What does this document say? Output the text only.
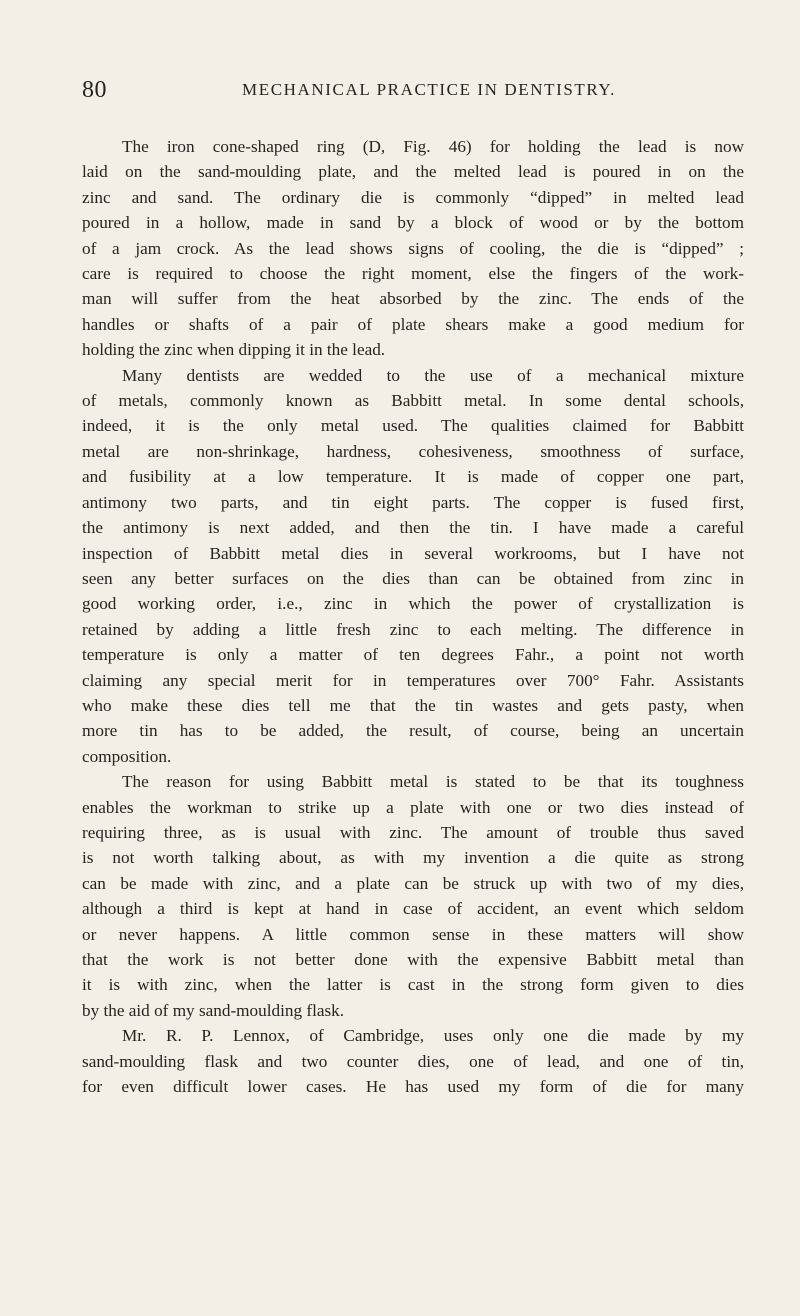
80	MECHANICAL PRACTICE IN DENTISTRY.
The iron cone-shaped ring (D, Fig. 46) for holding the lead is now
laid on the sand-moulding plate, and the melted lead is poured in on the
zinc and sand. The ordinary die is commonly “dipped” in melted lead
poured in a hollow, made in sand by a block of wood or by the bottom
of a jam crock. As the lead shows signs of cooling, the die is “dipped” ;
care is required to choose the right moment, else the fingers of the work-
man will suffer from the heat absorbed by the zinc. The ends of the
handles or shafts of a pair of plate shears make a good medium for
holding the zinc when dipping it in the lead.
Many dentists are wedded to the use of a mechanical mixture
of metals, commonly known as Babbitt metal. In some dental schools,
indeed, it is the only metal used. The qualities claimed for Babbitt
metal are non-shrinkage, hardness, cohesiveness, smoothness of surface,
and fusibility at a low temperature. It is made of copper one part,
antimony two parts, and tin eight parts. The copper is fused first,
the antimony is next added, and then the tin. I have made a careful
inspection of Babbitt metal dies in several workrooms, but I have not
seen any better surfaces on the dies than can be obtained from zinc in
good working order, i.e., zinc in which the power of crystallization is
retained by adding a little fresh zinc to each melting. The difference in
temperature is only a matter of ten degrees Fahr., a point not worth
claiming any special merit for in temperatures over 700° Fahr. Assistants
who make these dies tell me that the tin wastes and gets pasty, when
more tin has to be added, the result, of course, being an uncertain
composition.
The reason for using Babbitt metal is stated to be that its toughness
enables the workman to strike up a plate with one or two dies instead of
requiring three, as is usual with zinc. The amount of trouble thus saved
is not worth talking about, as with my invention a die quite as strong
can be made with zinc, and a plate can be struck up with two of my dies,
although a third is kept at hand in case of accident, an event which seldom
or never happens. A little common sense in these matters will show
that the work is not better done with the expensive Babbitt metal than
it is with zinc, when the latter is cast in the strong form given to dies
by the aid of my sand-moulding flask.
Mr. R. P. Lennox, of Cambridge, uses only one die made by my
sand-moulding flask and two counter dies, one of lead, and one of tin,
for even difficult lower cases. He has used my form of die for many
